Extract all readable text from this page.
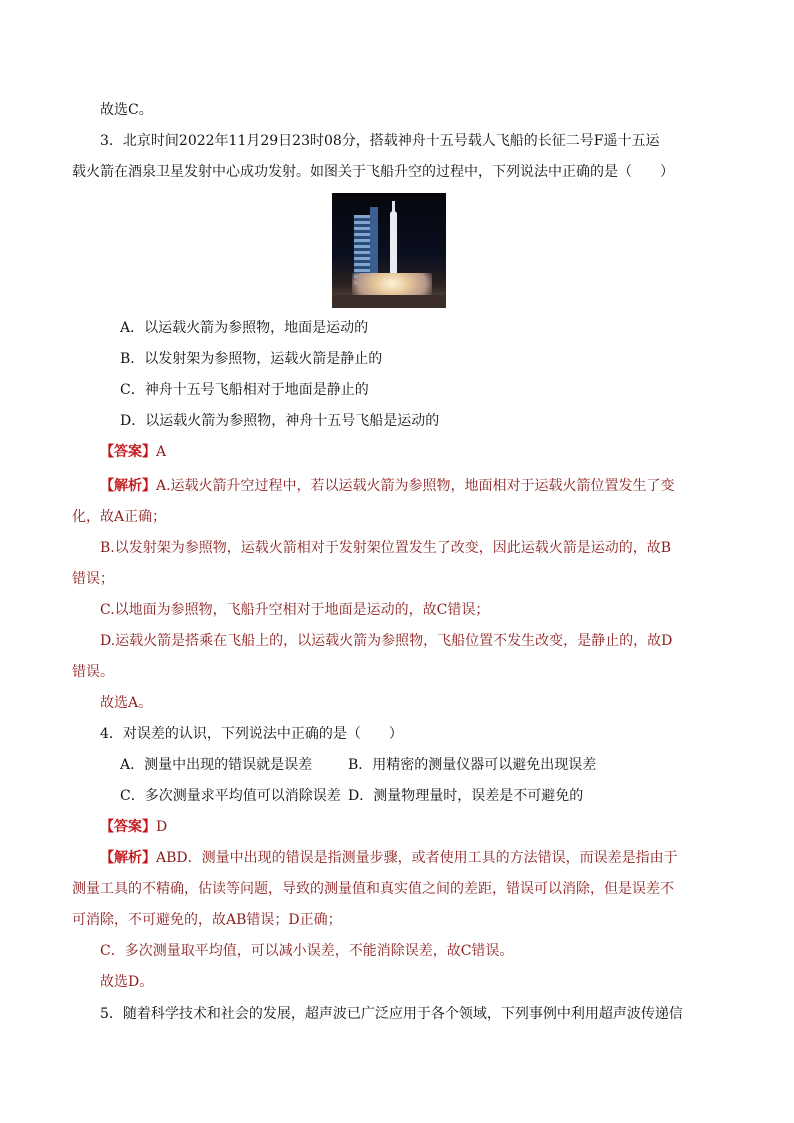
故选C。
3．北京时间2022年11月29日23时08分，搭载神舟十五号载人飞船的长征二号F遥十五运
载火箭在酒泉卫星发射中心成功发射。如图关于飞船升空的过程中，下列说法中正确的是（　　）
A．以运载火箭为参照物，地面是运动的
B．以发射架为参照物，运载火箭是静止的
C．神舟十五号飞船相对于地面是静止的
D．以运载火箭为参照物，神舟十五号飞船是运动的
【答案】A
【解析】A.运载火箭升空过程中，若以运载火箭为参照物，地面相对于运载火箭位置发生了变
化，故A正确；
B.以发射架为参照物，运载火箭相对于发射架位置发生了改变，因此运载火箭是运动的，故B
错误；
C.以地面为参照物，飞船升空相对于地面是运动的，故C错误；
D.运载火箭是搭乘在飞船上的，以运载火箭为参照物，飞船位置不发生改变，是静止的，故D
错误。
故选A。
4．对误差的认识，下列说法中正确的是（　　）
A．测量中出现的错误就是误差	B．用精密的测量仪器可以避免出现误差
C．多次测量求平均值可以消除误差 D．测量物理量时，误差是不可避免的
【答案】D
【解析】ABD．测量中出现的错误是指测量步骤，或者使用工具的方法错误，而误差是指由于
测量工具的不精确，估读等问题，导致的测量值和真实值之间的差距，错误可以消除，但是误差不
可消除，不可避免的，故AB错误；D正确；
C．多次测量取平均值，可以减小误差，不能消除误差，故C错误。
故选D。
5．随着科学技术和社会的发展，超声波已广泛应用于各个领域，下列事例中利用超声波传递信
